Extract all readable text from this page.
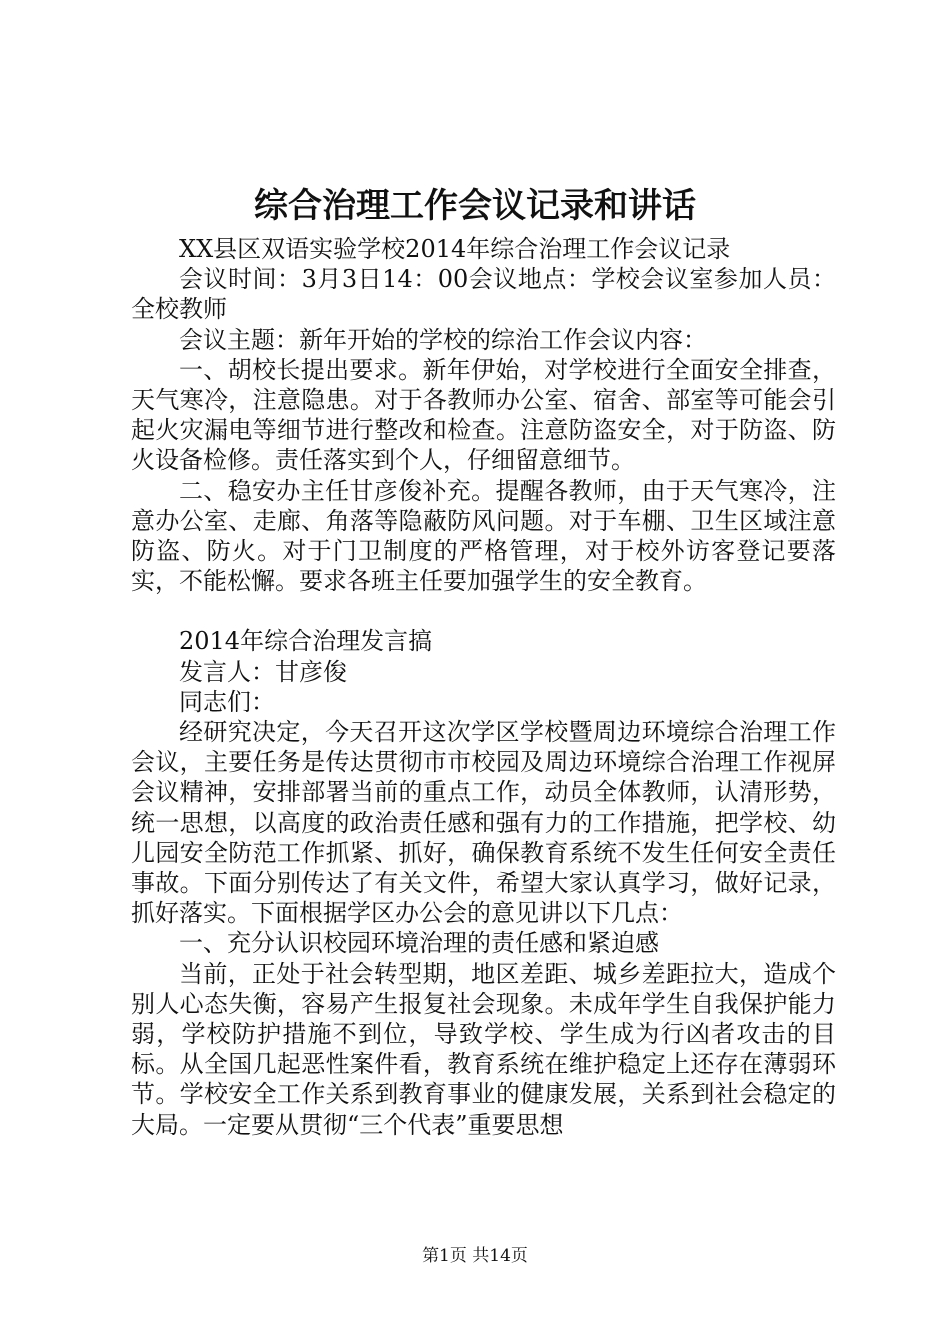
综合治理工作会议记录和讲话

XX县区双语实验学校2014年综合治理工作会议记录

会议时间：3月3日14：00会议地点：学校会议室参加人员：全校教师

会议主题：新年开始的学校的综治工作会议内容：

一、胡校长提出要求。新年伊始，对学校进行全面安全排查，天气寒冷，注意隐患。对于各教师办公室、宿舍、部室等可能会引起火灾漏电等细节进行整改和检查。注意防盗安全，对于防盗、防火设备检修。责任落实到个人，仔细留意细节。

二、稳安办主任甘彦俊补充。提醒各教师，由于天气寒冷，注意办公室、走廊、角落等隐蔽防风问题。对于车棚、卫生区域注意防盗、防火。对于门卫制度的严格管理，对于校外访客登记要落实，不能松懈。要求各班主任要加强学生的安全教育。

2014年综合治理发言搞

发言人：甘彦俊

同志们：

经研究决定，今天召开这次学区学校暨周边环境综合治理工作会议，主要任务是传达贯彻市市校园及周边环境综合治理工作视屏会议精神，安排部署当前的重点工作，动员全体教师，认清形势，统一思想，以高度的政治责任感和强有力的工作措施，把学校、幼儿园安全防范工作抓紧、抓好，确保教育系统不发生任何安全责任事故。下面分别传达了有关文件，希望大家认真学习，做好记录，抓好落实。下面根据学区办公会的意见讲以下几点：

一、充分认识校园环境治理的责任感和紧迫感

当前，正处于社会转型期，地区差距、城乡差距拉大，造成个别人心态失衡，容易产生报复社会现象。未成年学生自我保护能力弱，学校防护措施不到位，导致学校、学生成为行凶者攻击的目标。从全国几起恶性案件看，教育系统在维护稳定上还存在薄弱环节。学校安全工作关系到教育事业的健康发展，关系到社会稳定的大局。一定要从贯彻“三个代表”重要思想

第1页 共14页
